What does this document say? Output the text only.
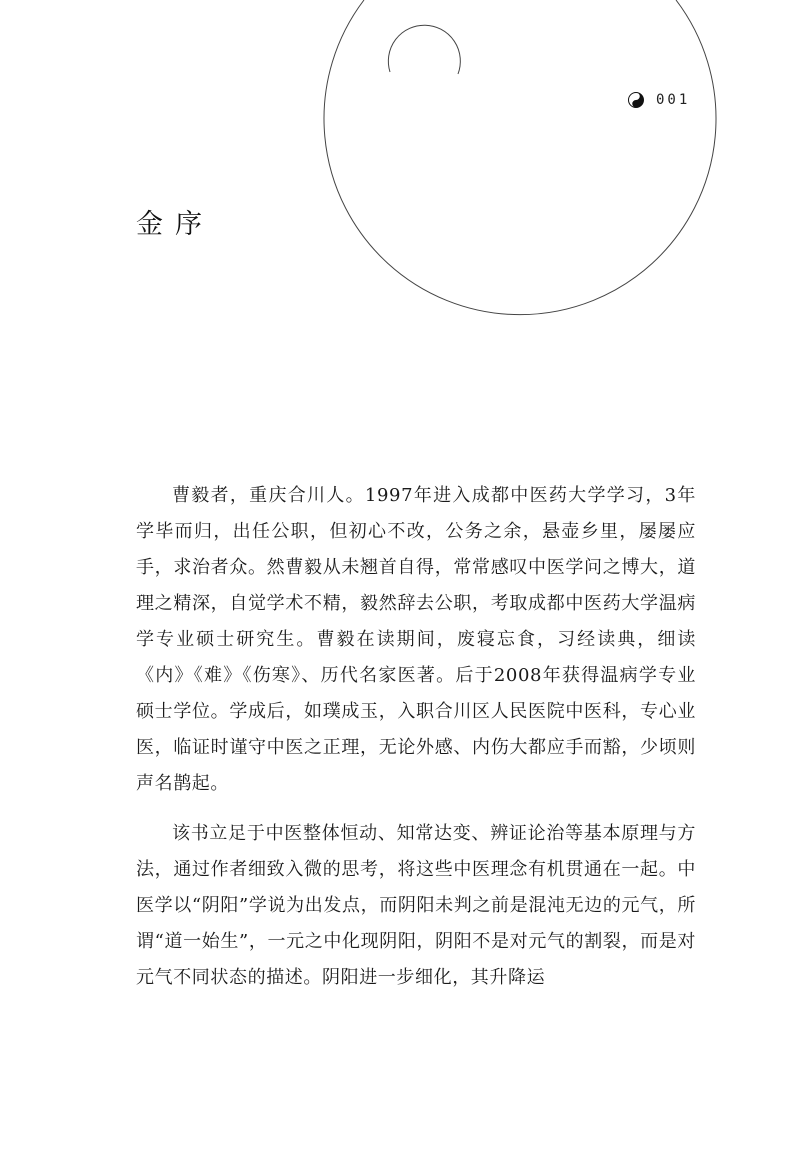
001
金序

曹毅者，重庆合川人。1997年进入成都中医药大学学习，3年学毕而归，出任公职，但初心不改，公务之余，悬壶乡里，屡屡应手，求治者众。然曹毅从未翘首自得，常常感叹中医学问之博大，道理之精深，自觉学术不精，毅然辞去公职，考取成都中医药大学温病学专业硕士研究生。曹毅在读期间，废寝忘食，习经读典，细读《内》《难》《伤寒》、历代名家医著。后于2008年获得温病学专业硕士学位。学成后，如璞成玉，入职合川区人民医院中医科，专心业医，临证时谨守中医之正理，无论外感、内伤大都应手而豁，少顷则声名鹊起。

该书立足于中医整体恒动、知常达变、辨证论治等基本原理与方法，通过作者细致入微的思考，将这些中医理念有机贯通在一起。中医学以“阴阳”学说为出发点，而阴阳未判之前是混沌无边的元气，所谓“道一始生”，一元之中化现阴阳，阴阳不是对元气的割裂，而是对元气不同状态的描述。阴阳进一步细化，其升降运
